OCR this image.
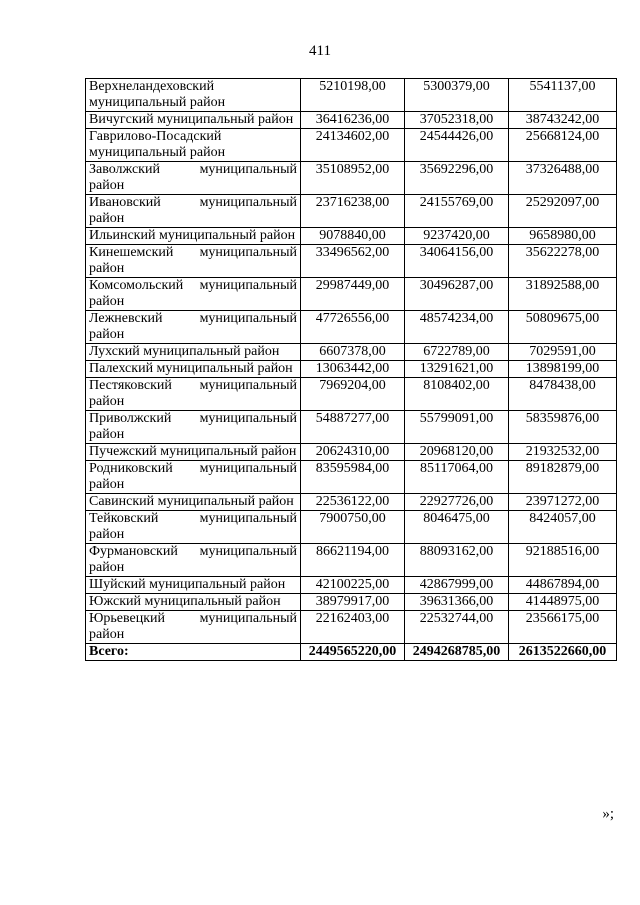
411
Верхнеландеховский муниципальный район	5210198,00	5300379,00	5541137,00
Вичугский муниципальный район	36416236,00	37052318,00	38743242,00
Гаврилово-Посадский муниципальный район	24134602,00	24544426,00	25668124,00
Заволжский муниципальный район	35108952,00	35692296,00	37326488,00
Ивановский муниципальный район	23716238,00	24155769,00	25292097,00
Ильинский муниципальный район	9078840,00	9237420,00	9658980,00
Кинешемский муниципальный район	33496562,00	34064156,00	35622278,00
Комсомольский муниципальный район	29987449,00	30496287,00	31892588,00
Лежневский муниципальный район	47726556,00	48574234,00	50809675,00
Лухский муниципальный район	6607378,00	6722789,00	7029591,00
Палехский муниципальный район	13063442,00	13291621,00	13898199,00
Пестяковский муниципальный район	7969204,00	8108402,00	8478438,00
Приволжский муниципальный район	54887277,00	55799091,00	58359876,00
Пучежский муниципальный район	20624310,00	20968120,00	21932532,00
Родниковский муниципальный район	83595984,00	85117064,00	89182879,00
Савинский муниципальный район	22536122,00	22927726,00	23971272,00
Тейковский муниципальный район	7900750,00	8046475,00	8424057,00
Фурмановский муниципальный район	86621194,00	88093162,00	92188516,00
Шуйский муниципальный район	42100225,00	42867999,00	44867894,00
Южский муниципальный район	38979917,00	39631366,00	41448975,00
Юрьевецкий муниципальный район	22162403,00	22532744,00	23566175,00
Всего:	2449565220,00	2494268785,00	2613522660,00
»;
